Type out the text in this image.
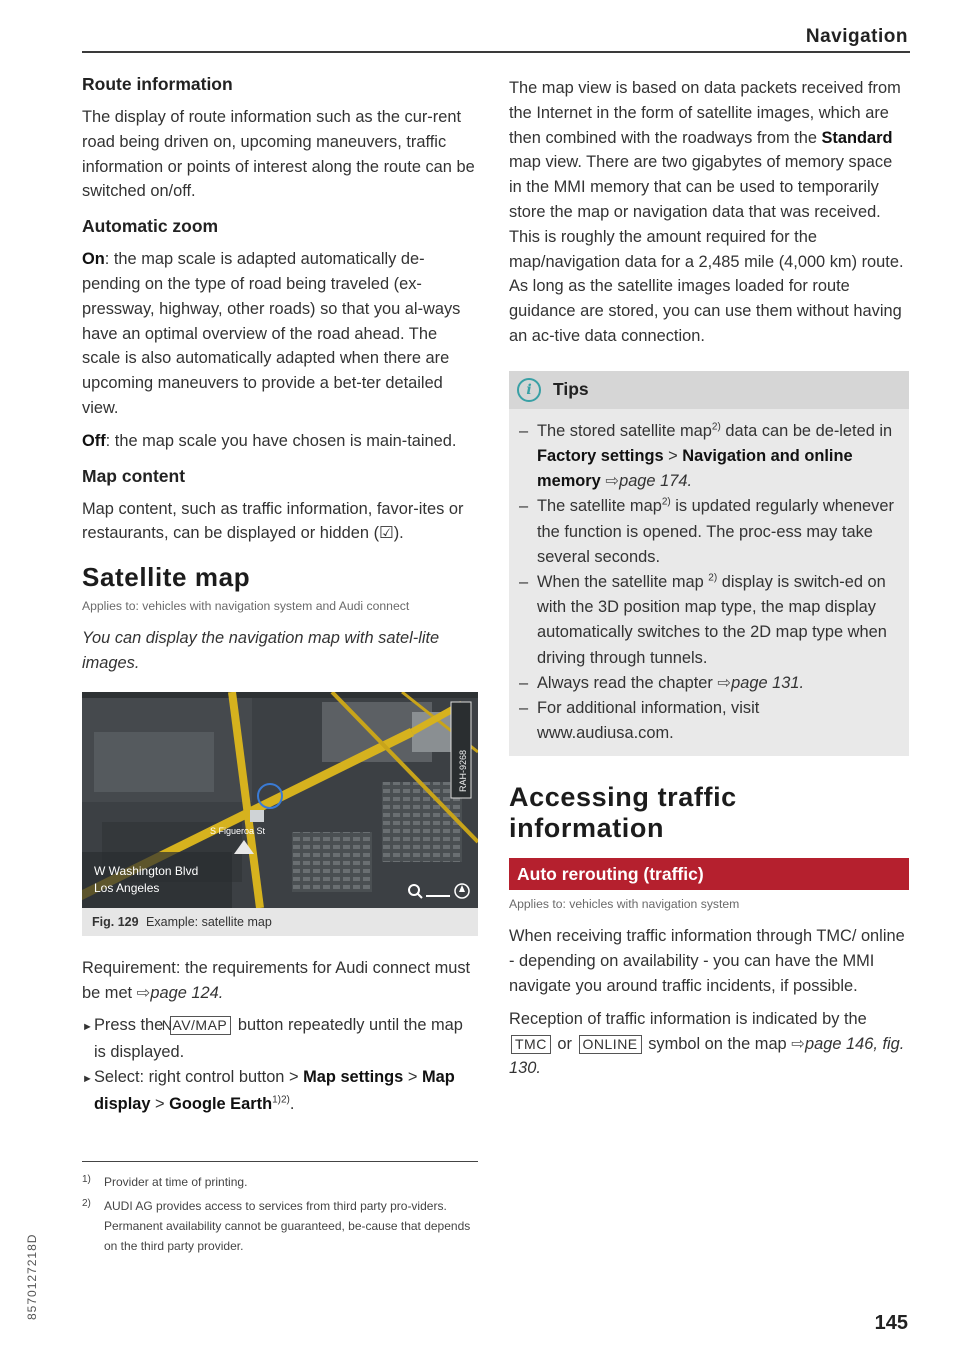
Navigation
Route information

The display of route information such as the cur-rent road being driven on, upcoming maneuvers, traffic information or points of interest along the route can be switched on/off.

Automatic zoom

On: the map scale is adapted automatically de-pending on the type of road being traveled (ex-pressway, highway, other roads) so that you al-ways have an optimal overview of the road ahead. The scale is also automatically adapted when there are upcoming maneuvers to provide a bet-ter detailed view.

Off: the map scale you have chosen is main-tained.

Map content

Map content, such as traffic information, favor-ites or restaurants, can be displayed or hidden (☑).

Satellite map
Applies to: vehicles with navigation system and Audi connect
You can display the navigation map with satel-lite images.
S Figueroa St
W Washington Blvd
Los Angeles
RAH-9268
Fig. 129 Example: satellite map

Requirement: the requirements for Audi connect must be met ⇨page 124.

►Press the NAV/MAP button repeatedly until the map is displayed.

►Select: right control button > Map settings > Map display > Google Earth$^{1)2)}$.

1) Provider at time of printing.
2) AUDI AG provides access to services from third party pro-viders. Permanent availability cannot be guaranteed, be-cause that depends on the third party provider.

The map view is based on data packets received from the Internet in the form of satellite images, which are then combined with the roadways from the Standard map view. There are two gigabytes of memory space in the MMI memory that can be used to temporarily store the map or navigation data that was received. This is roughly the amount required for the map/navigation data for a 2,485 mile (4,000 km) route. As long as the satellite images loaded for route guidance are stored, you can use them without having an ac-tive data connection.

i	Tips
– The stored satellite map$^{2)}$ data can be de-leted in Factory settings > Navigation and online memory ⇨page 174.
– The satellite map$^{2)}$ is updated regularly whenever the function is opened. The proc-ess may take several seconds.
– When the satellite map $^{2)}$ display is switch-ed on with the 3D position map type, the map display automatically switches to the 2D map type when driving through tunnels.
– Always read the chapter ⇨page 131.
– For additional information, visit www.audiusa.com.
Accessing traffic
information
Auto rerouting (traffic)
Applies to: vehicles with navigation system

When receiving traffic information through TMC/ online - depending on availability - you can have the MMI navigate you around traffic incidents, if possible.

Reception of traffic information is indicated by the TMC or ONLINE symbol on the map ⇨page 146, fig. 130.

8570127218D
145
